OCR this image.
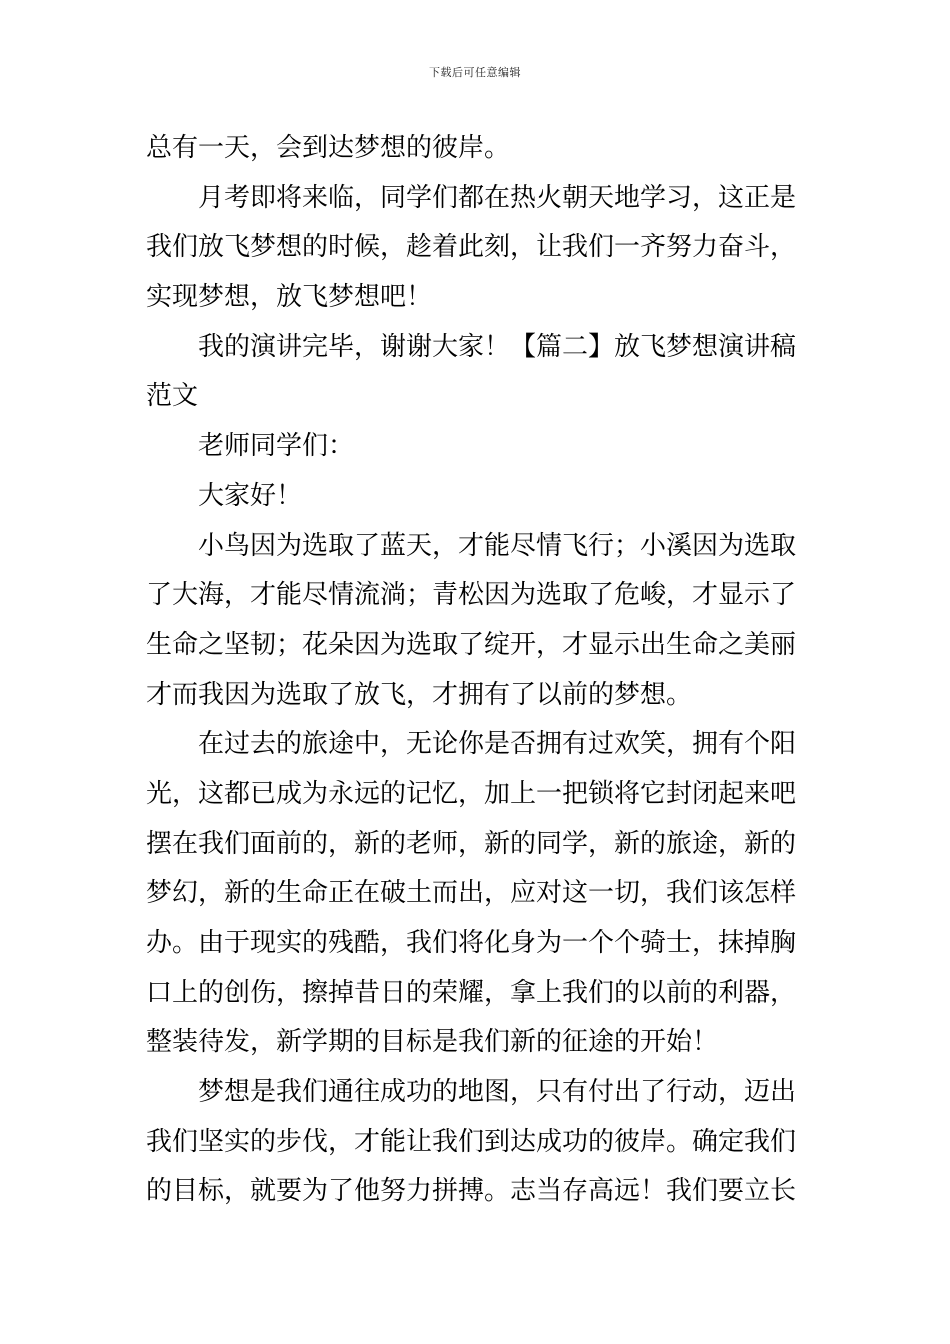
下载后可任意编辑
总有一天，会到达梦想的彼岸。
月考即将来临，同学们都在热火朝天地学习，这正是
我们放飞梦想的时候，趁着此刻，让我们一齐努力奋斗，
实现梦想，放飞梦想吧！
我的演讲完毕，谢谢大家！【篇二】放飞梦想演讲稿
范文
老师同学们：
大家好！
小鸟因为选取了蓝天，才能尽情飞行；小溪因为选取
了大海，才能尽情流淌；青松因为选取了危峻，才显示了
生命之坚韧；花朵因为选取了绽开，才显示出生命之美丽
才而我因为选取了放飞，才拥有了以前的梦想。
在过去的旅途中，无论你是否拥有过欢笑，拥有个阳
光，这都已成为永远的记忆，加上一把锁将它封闭起来吧
摆在我们面前的，新的老师，新的同学，新的旅途，新的
梦幻，新的生命正在破土而出，应对这一切，我们该怎样
办。由于现实的残酷，我们将化身为一个个骑士，抹掉胸
口上的创伤，擦掉昔日的荣耀，拿上我们的以前的利器，
整装待发，新学期的目标是我们新的征途的开始！
梦想是我们通往成功的地图，只有付出了行动，迈出
我们坚实的步伐，才能让我们到达成功的彼岸。确定我们
的目标，就要为了他努力拼搏。志当存高远！我们要立长
